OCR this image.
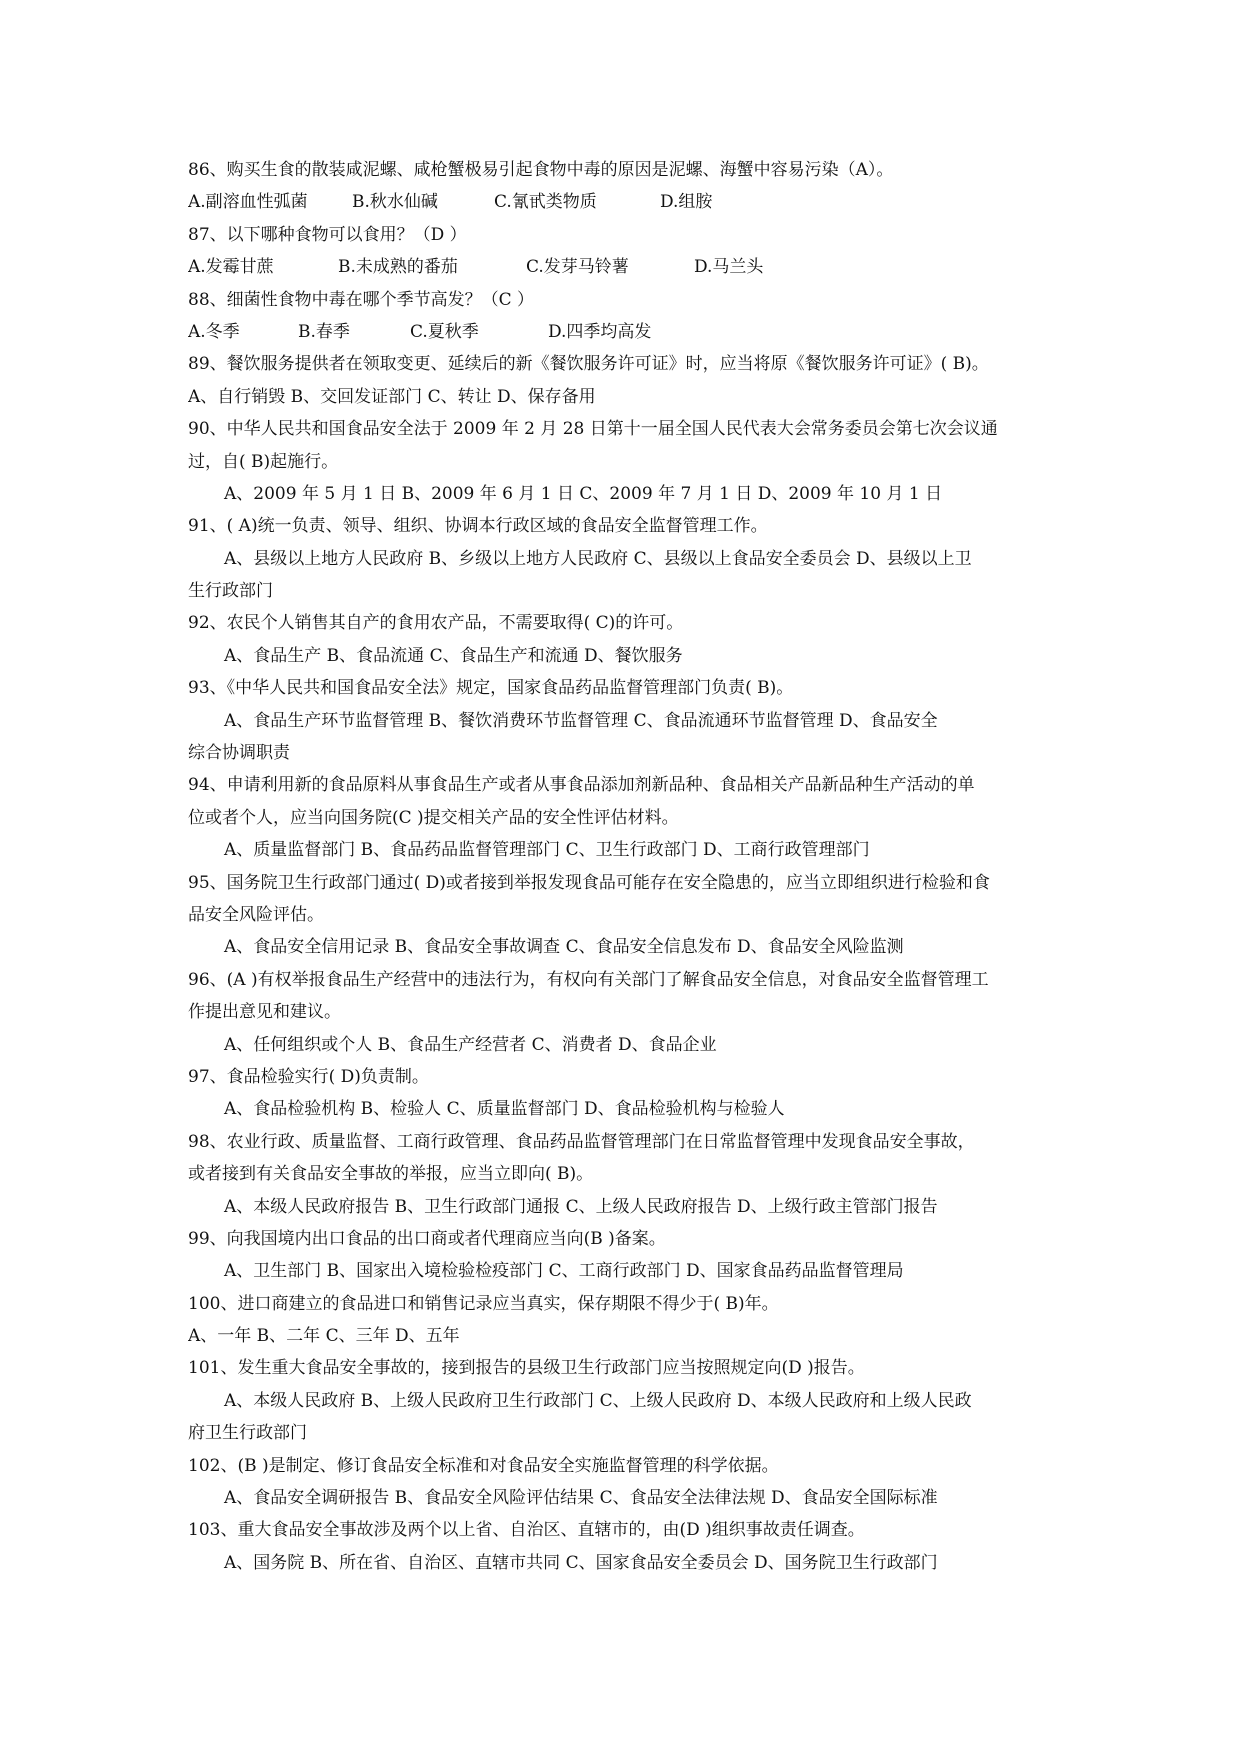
86、购买生食的散装咸泥螺、咸枪蟹极易引起食物中毒的原因是泥螺、海蟹中容易污染（A）。
A.副溶血性弧菌	B.秋水仙碱	C.氰甙类物质	D.组胺
87、以下哪种食物可以食用？（D ）
A.发霉甘蔗	B.未成熟的番茄	C.发芽马铃薯	D.马兰头
88、细菌性食物中毒在哪个季节高发？（C ）
A.冬季	B.春季	C.夏秋季	D.四季均高发
89、餐饮服务提供者在领取变更、延续后的新《餐饮服务许可证》时，应当将原《餐饮服务许可证》( B)。
A、自行销毁 B、交回发证部门 C、转让 D、保存备用
90、中华人民共和国食品安全法于 2009 年 2 月 28 日第十一届全国人民代表大会常务委员会第七次会议通
过，自( B)起施行。
A、2009 年 5 月 1 日 B、2009 年 6 月 1 日 C、2009 年 7 月 1 日 D、2009 年 10 月 1 日
91、( A)统一负责、领导、组织、协调本行政区域的食品安全监督管理工作。
A、县级以上地方人民政府 B、乡级以上地方人民政府 C、县级以上食品安全委员会 D、县级以上卫
生行政部门
92、农民个人销售其自产的食用农产品，不需要取得( C)的许可。
A、食品生产 B、食品流通 C、食品生产和流通 D、餐饮服务
93、《中华人民共和国食品安全法》规定，国家食品药品监督管理部门负责( B)。
A、食品生产环节监督管理 B、餐饮消费环节监督管理 C、食品流通环节监督管理 D、食品安全
综合协调职责
94、申请利用新的食品原料从事食品生产或者从事食品添加剂新品种、食品相关产品新品种生产活动的单
位或者个人，应当向国务院(C )提交相关产品的安全性评估材料。
A、质量监督部门 B、食品药品监督管理部门 C、卫生行政部门 D、工商行政管理部门
95、国务院卫生行政部门通过( D)或者接到举报发现食品可能存在安全隐患的，应当立即组织进行检验和食
品安全风险评估。
A、食品安全信用记录 B、食品安全事故调查 C、食品安全信息发布 D、食品安全风险监测
96、(A )有权举报食品生产经营中的违法行为，有权向有关部门了解食品安全信息，对食品安全监督管理工
作提出意见和建议。
A、任何组织或个人 B、食品生产经营者 C、消费者 D、食品企业
97、食品检验实行( D)负责制。
A、食品检验机构 B、检验人 C、质量监督部门 D、食品检验机构与检验人
98、农业行政、质量监督、工商行政管理、食品药品监督管理部门在日常监督管理中发现食品安全事故，
或者接到有关食品安全事故的举报，应当立即向( B)。
A、本级人民政府报告 B、卫生行政部门通报 C、上级人民政府报告 D、上级行政主管部门报告
99、向我国境内出口食品的出口商或者代理商应当向(B )备案。
A、卫生部门 B、国家出入境检验检疫部门 C、工商行政部门 D、国家食品药品监督管理局
100、进口商建立的食品进口和销售记录应当真实，保存期限不得少于( B)年。
A、一年 B、二年 C、三年 D、五年
101、发生重大食品安全事故的，接到报告的县级卫生行政部门应当按照规定向(D )报告。
A、本级人民政府 B、上级人民政府卫生行政部门 C、上级人民政府 D、本级人民政府和上级人民政
府卫生行政部门
102、(B )是制定、修订食品安全标准和对食品安全实施监督管理的科学依据。
A、食品安全调研报告 B、食品安全风险评估结果 C、食品安全法律法规 D、食品安全国际标准
103、重大食品安全事故涉及两个以上省、自治区、直辖市的，由(D )组织事故责任调查。
A、国务院 B、所在省、自治区、直辖市共同 C、国家食品安全委员会 D、国务院卫生行政部门
